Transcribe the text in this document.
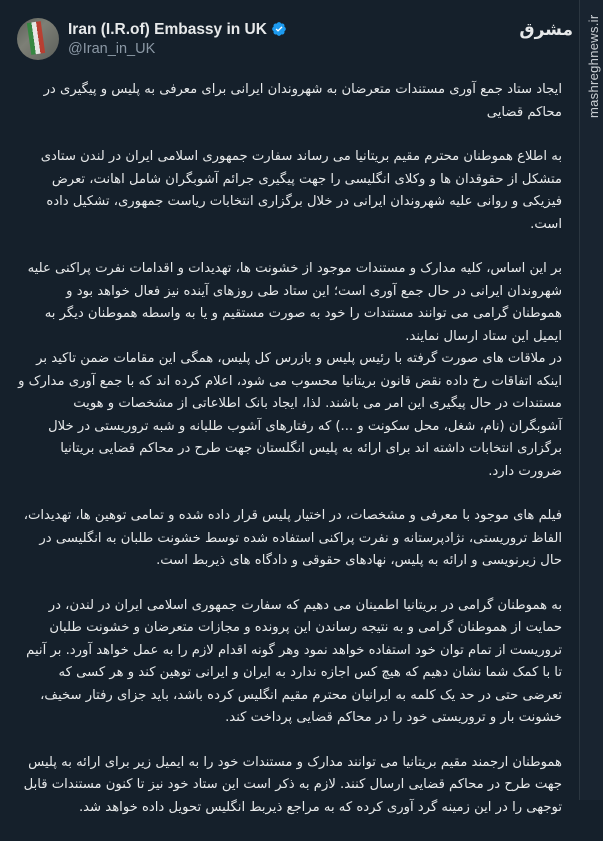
Iran (I.R.of) Embassy in UK
@Iran_in_UK

ایجاد ستاد جمع آوری مستندات متعرضان به شهروندان ایرانی برای معرفی به پلیس و پیگیری در محاکم قضایی

به اطلاع هموطنان محترم مقیم بریتانیا می رساند سفارت جمهوری اسلامی ایران در لندن ستادی متشکل از حقوقدان ها و وکلای انگلیسی را جهت پیگیری جرائم آشوبگران شامل اهانت، تعرض فیزیکی و روانی علیه شهروندان ایرانی در خلال برگزاری انتخابات ریاست جمهوری، تشکیل داده است.

بر این اساس، کلیه مدارک و مستندات موجود از خشونت ها، تهدیدات و اقدامات نفرت پراکنی علیه شهروندان ایرانی در حال جمع آوری است؛ این ستاد طی روزهای آینده نیز فعال خواهد بود و هموطنان گرامی می توانند مستندات را خود به صورت مستقیم و یا به واسطه هموطنان دیگر به ایمیل این ستاد ارسال نمایند.

در ملاقات های صورت گرفته با رئیس پلیس و بازرس کل پلیس، همگی این مقامات ضمن تاکید بر اینکه اتفاقات رخ داده نقض قانون بریتانیا محسوب می شود، اعلام کرده اند که با جمع آوری مدارک و مستندات در حال پیگیری این امر می باشند. لذا، ایجاد بانک اطلاعاتی از مشخصات و هویت آشوبگران (نام، شغل، محل سکونت و ...) که رفتارهای آشوب طلبانه و شبه تروریستی در خلال برگزاری انتخابات داشته اند برای ارائه به پلیس انگلستان جهت طرح در محاکم قضایی بریتانیا ضرورت دارد.

فیلم های موجود با معرفی و مشخصات، در اختیار پلیس قرار داده شده و تمامی توهین ها، تهدیدات، الفاظ تروریستی، نژادپرستانه و نفرت پراکنی استفاده شده توسط خشونت طلبان به انگلیسی در حال زیرنویسی و ارائه به پلیس، نهادهای حقوقی و دادگاه های ذیربط است.

به هموطنان گرامی در بریتانیا اطمینان می دهیم که سفارت جمهوری اسلامی ایران در لندن، در حمایت از هموطنان گرامی و به نتیجه رساندن این پرونده و مجازات متعرضان و خشونت طلبان تروریست از تمام توان خود استفاده خواهد نمود وهر گونه اقدام لازم را به عمل خواهد آورد. بر آنیم تا با کمک شما نشان دهیم که هیچ کس اجازه ندارد به ایران و ایرانی توهین کند و هر کسی که تعرضی حتی در حد یک کلمه به ایرانیان محترم مقیم انگلیس کرده باشد، باید جزای رفتار سخیف، خشونت بار و تروریستی خود را در محاکم قضایی پرداخت کند.

هموطنان ارجمند مقیم بریتانیا می توانند مدارک و مستندات خود را به ایمیل زیر برای ارائه به پلیس جهت طرح در محاکم قضایی ارسال کنند. لازم به ذکر است این ستاد خود نیز تا کنون مستندات قابل توجهی را در این زمینه گرد آوری کرده که به مراجع ذیربط انگلیس تحویل داده خواهد شد.

مشرق mashreghnews.ir
